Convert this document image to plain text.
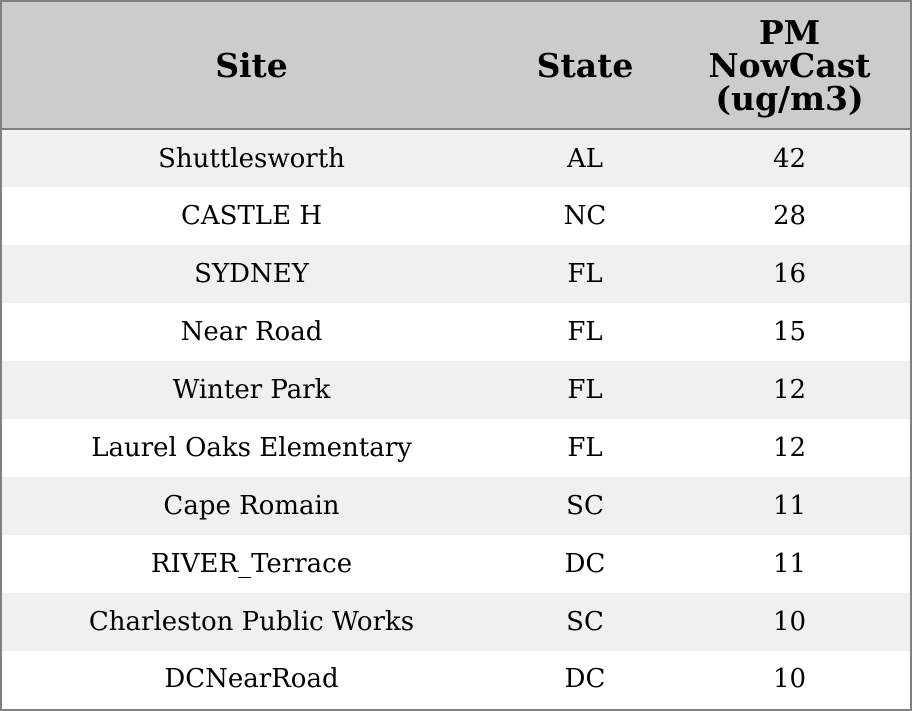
Site	State	PM
NowCast
(ug/m3)
Shuttlesworth	AL	42
CASTLE H	NC	28
SYDNEY	FL	16
Near Road	FL	15
Winter Park	FL	12
Laurel Oaks Elementary	FL	12
Cape Romain	SC	11
RIVER_Terrace	DC	11
Charleston Public Works	SC	10
DCNearRoad	DC	10
